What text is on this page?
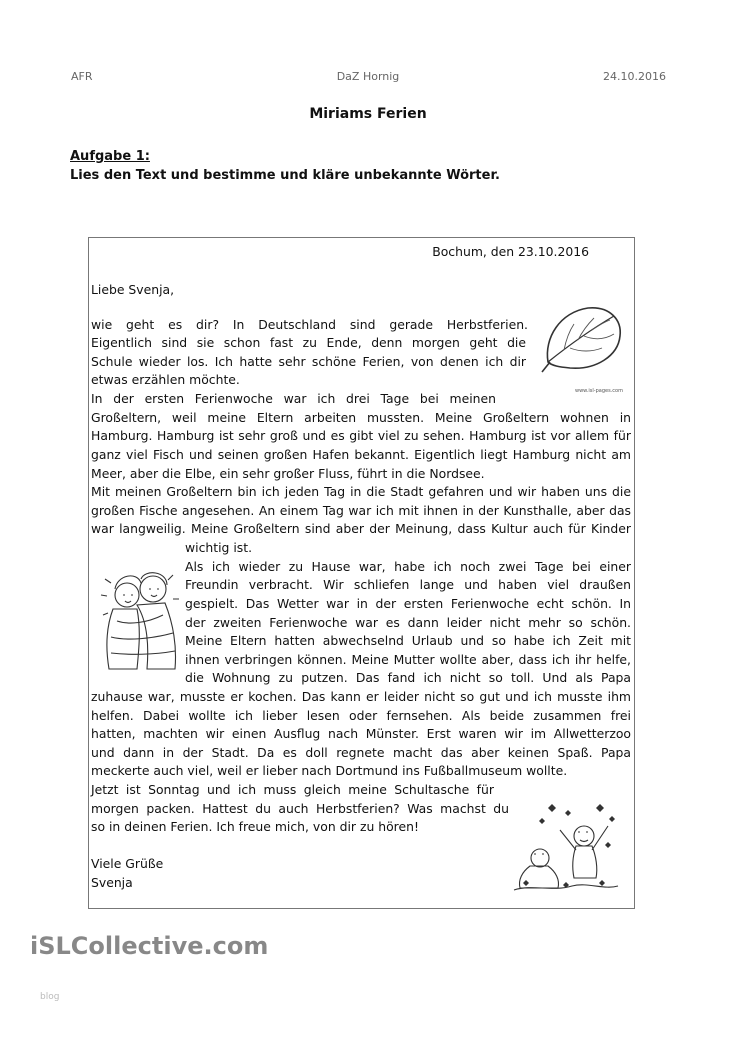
AFR	DaZ Hornig	24.10.2016
Miriams Ferien
Aufgabe 1:
Lies den Text und bestimme und kläre unbekannte Wörter.
Bochum, den 23.10.2016
Liebe Svenja,
wie geht es dir? In Deutschland sind gerade Herbstferien.
Eigentlich sind sie schon fast zu Ende, denn morgen geht die
Schule wieder los. Ich hatte sehr schöne Ferien, von denen ich dir
etwas erzählen möchte.
In der ersten Ferienwoche war ich drei Tage bei meinen
Großeltern, weil meine Eltern arbeiten mussten. Meine Großeltern wohnen in
Hamburg. Hamburg ist sehr groß und es gibt viel zu sehen. Hamburg ist vor allem für
ganz viel Fisch und seinen großen Hafen bekannt. Eigentlich liegt Hamburg nicht am
Meer, aber die Elbe, ein sehr großer Fluss, führt in die Nordsee.
Mit meinen Großeltern bin ich jeden Tag in die Stadt gefahren und wir haben uns die
großen Fische angesehen. An einem Tag war ich mit ihnen in der Kunsthalle, aber das
war langweilig. Meine Großeltern sind aber der Meinung, dass Kultur auch für Kinder
wichtig ist.
Als ich wieder zu Hause war, habe ich noch zwei Tage bei einer
Freundin verbracht. Wir schliefen lange und haben viel draußen
gespielt. Das Wetter war in der ersten Ferienwoche echt schön. In
der zweiten Ferienwoche war es dann leider nicht mehr so schön.
Meine Eltern hatten abwechselnd Urlaub und so habe ich Zeit mit
ihnen verbringen können. Meine Mutter wollte aber, dass ich ihr helfe,
die Wohnung zu putzen. Das fand ich nicht so toll. Und als Papa
zuhause war, musste er kochen. Das kann er leider nicht so gut und ich musste ihm
helfen. Dabei wollte ich lieber lesen oder fernsehen. Als beide zusammen frei
hatten, machten wir einen Ausflug nach Münster. Erst waren wir im Allwetterzoo
und dann in der Stadt. Da es doll regnete macht das aber keinen Spaß. Papa
meckerte auch viel, weil er lieber nach Dortmund ins Fußballmuseum wollte.
Jetzt ist Sonntag und ich muss gleich meine Schultasche für
morgen packen. Hattest du auch Herbstferien? Was machst du
so in deinen Ferien. Ich freue mich, von dir zu hören!
Viele Grüße
Svenja
www.isl-pages.com
iSLCollective.com
blog
